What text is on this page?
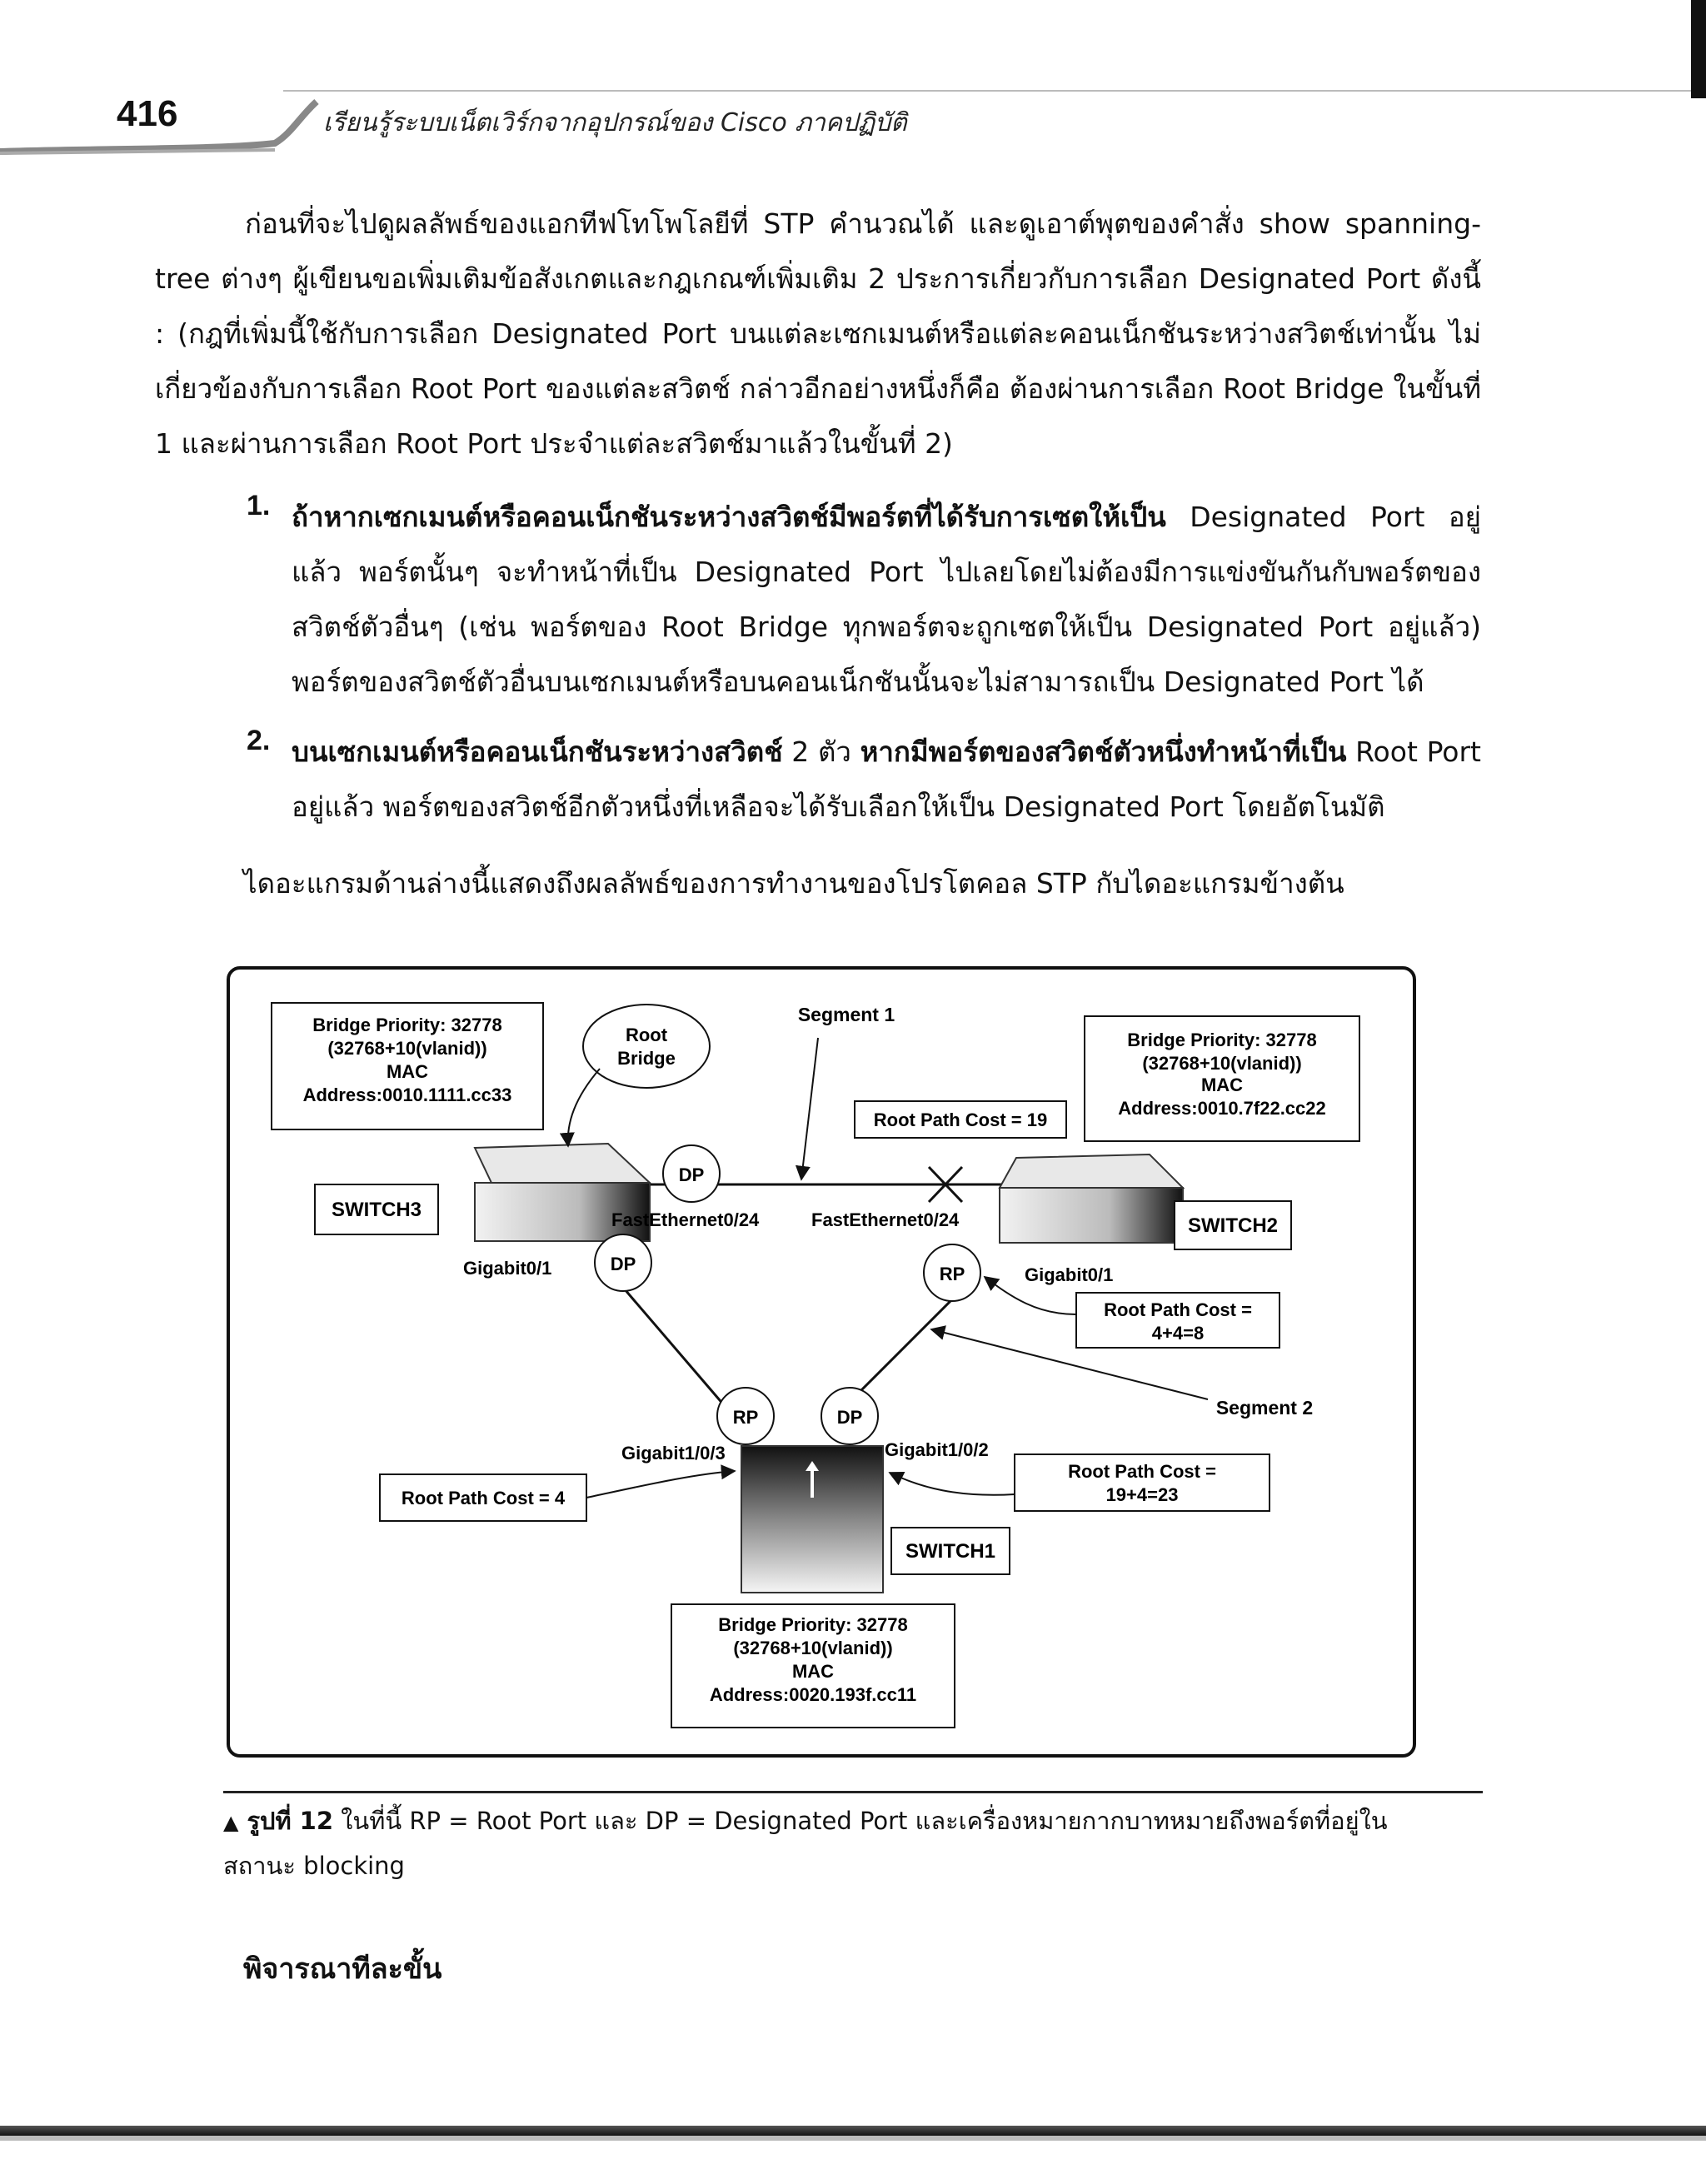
416	เรียนรู้ระบบเน็ตเวิร์กจากอุปกรณ์ของ Cisco ภาคปฏิบัติ
ก่อนที่จะไปดูผลลัพธ์ของแอกทีฟโทโพโลยีที่ STP คำนวณได้ และดูเอาต์พุตของคำสั่ง show spanning-tree ต่างๆ ผู้เขียนขอเพิ่มเติมข้อสังเกตและกฎเกณฑ์เพิ่มเติม 2 ประการเกี่ยวกับการเลือก Designated Port ดังนี้ : (กฎที่เพิ่มนี้ใช้กับการเลือก Designated Port บนแต่ละเซกเมนต์หรือแต่ละคอนเน็กชันระหว่างสวิตช์เท่านั้น ไม่เกี่ยวข้องกับการเลือก Root Port ของแต่ละสวิตช์ กล่าวอีกอย่างหนึ่งก็คือ ต้องผ่านการเลือก Root Bridge ในขั้นที่ 1 และผ่านการเลือก Root Port ประจำแต่ละสวิตช์มาแล้วในขั้นที่ 2)
1. ถ้าหากเซกเมนต์หรือคอนเน็กชันระหว่างสวิตช์มีพอร์ตที่ได้รับการเซตให้เป็น Designated Port อยู่แล้ว พอร์ตนั้นๆ จะทำหน้าที่เป็น Designated Port ไปเลยโดยไม่ต้องมีการแข่งขันกันกับพอร์ตของสวิตช์ตัวอื่นๆ (เช่น พอร์ตของ Root Bridge ทุกพอร์ตจะถูกเซตให้เป็น Designated Port อยู่แล้ว) พอร์ตของสวิตช์ตัวอื่นบนเซกเมนต์หรือบนคอนเน็กชันนั้นจะไม่สามารถเป็น Designated Port ได้
2. บนเซกเมนต์หรือคอนเน็กชันระหว่างสวิตช์ 2 ตัว หากมีพอร์ตของสวิตช์ตัวหนึ่งทำหน้าที่เป็น Root Port อยู่แล้ว พอร์ตของสวิตช์อีกตัวหนึ่งที่เหลือจะได้รับเลือกให้เป็น Designated Port โดยอัตโนมัติ
ไดอะแกรมด้านล่างนี้แสดงถึงผลลัพธ์ของการทำงานของโปรโตคอล STP กับไดอะแกรมข้างต้น
SWITCH3
SWITCH2
SWITCH1
Bridge Priority: 32778
(32768+10(vlanid))
MAC
Address:0010.1111.cc33
Root
Bridge
Segment 1
Bridge Priority: 32778
(32768+10(vlanid))
MAC
Address:0010.7f22.cc22
Root Path Cost = 19
DP
DP	RP
RP	DP
FastEthernet0/24	FastEthernet0/24
Gigabit0/1	Gigabit0/1
Gigabit1/0/3	Gigabit1/0/2
Root Path Cost =
4+4=8
Segment 2
Root Path Cost = 4
Root Path Cost =
19+4=23
Bridge Priority: 32778
(32768+10(vlanid))
MAC
Address:0020.193f.cc11
▲ รูปที่ 12 ในที่นี้ RP = Root Port และ DP = Designated Port และเครื่องหมายกากบาทหมายถึงพอร์ตที่อยู่ในสถานะ blocking
พิจารณาทีละขั้น
